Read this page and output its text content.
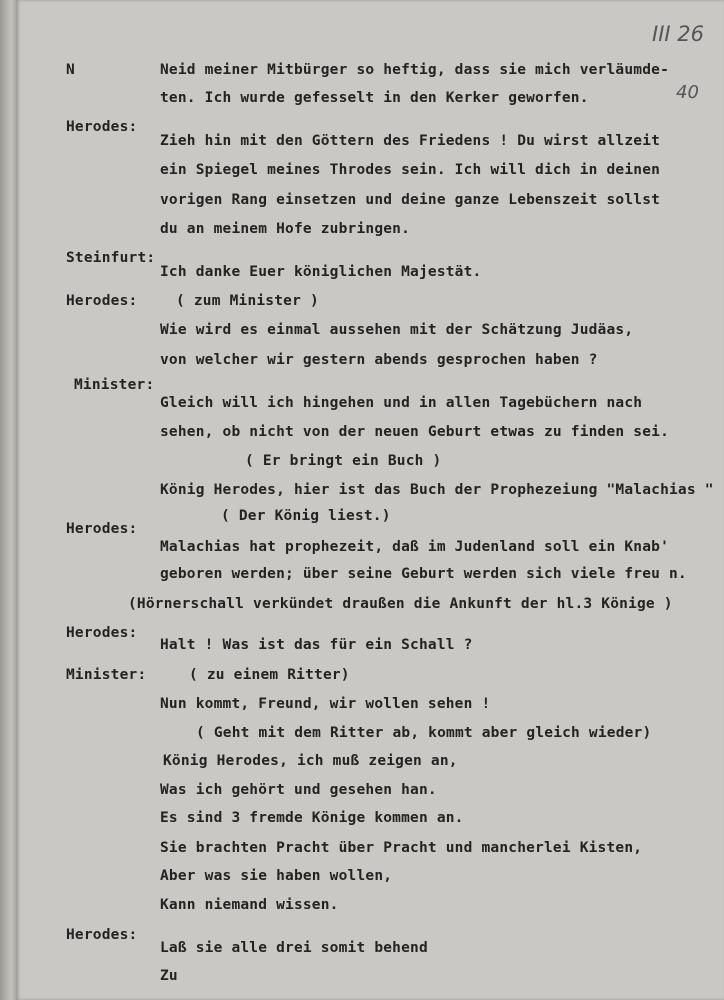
III 26
40
N
Herodes:
Steinfurt:
Herodes:
Minister:
Herodes:
Herodes:
Minister:
Herodes:
Neid meiner Mitbürger so heftig, dass sie mich verläumde-
ten. Ich wurde gefesselt in den Kerker geworfen.
Zieh hin mit den Göttern des Friedens ! Du wirst allzeit
ein Spiegel meines Throdes sein. Ich will dich in deinen
vorigen Rang einsetzen und deine ganze Lebenszeit sollst
du an meinem Hofe zubringen.
Ich danke Euer königlichen Majestät.
( zum Minister )
Wie wird es einmal aussehen mit der Schätzung Judäas,
von welcher wir gestern abends gesprochen haben ?
Gleich will ich hingehen und in allen Tagebüchern nach
sehen, ob nicht von der neuen Geburt etwas zu finden sei.
( Er bringt ein Buch )
König Herodes, hier ist das Buch der Prophezeiung "Malachias "
( Der König liest.)
Malachias hat prophezeit, daß im Judenland soll ein Knab'
geboren werden; über seine Geburt werden sich viele freu n.
(Hörnerschall verkündet draußen die Ankunft der hl.3 Könige )
Halt ! Was ist das für ein Schall ?
( zu einem Ritter)
Nun kommt, Freund, wir wollen sehen !
( Geht mit dem Ritter ab, kommt aber gleich wieder)
König Herodes, ich muß zeigen an,
Was ich gehört und gesehen han.
Es sind 3 fremde Könige kommen an.
Sie brachten Pracht über Pracht und mancherlei Kisten,
Aber was sie haben wollen,
Kann niemand wissen.
Laß sie alle drei somit behend
Zu
